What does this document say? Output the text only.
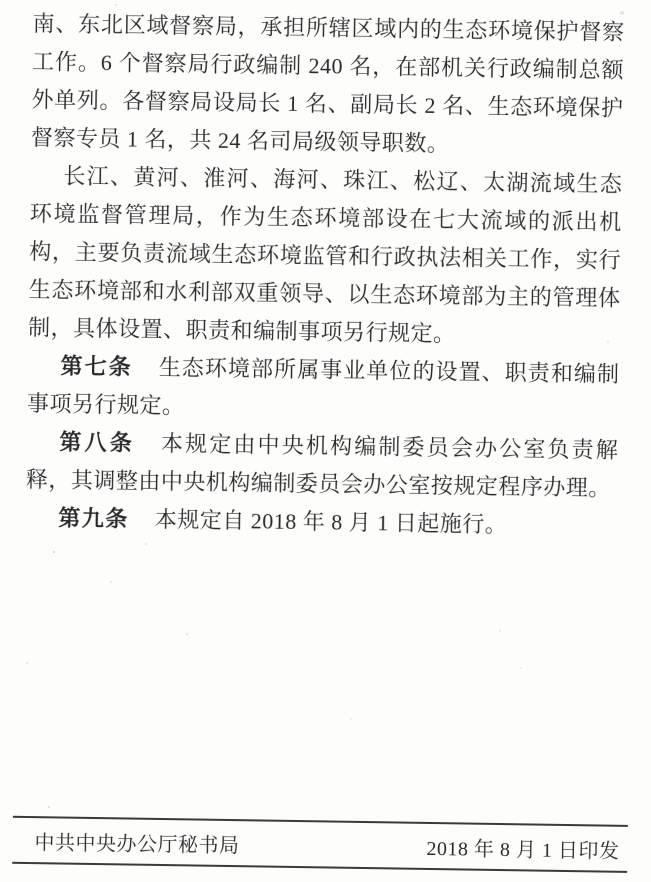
南、东北区域督察局，承担所辖区域内的生态环境保护督察工作。6 个督察局行政编制 240 名，在部机关行政编制总额外单列。各督察局设局长 1 名、副局长 2 名、生态环境保护督察专员 1 名，共 24 名司局级领导职数。

长江、黄河、淮河、海河、珠江、松辽、太湖流域生态环境监督管理局，作为生态环境部设在七大流域的派出机构，主要负责流域生态环境监管和行政执法相关工作，实行生态环境部和水利部双重领导、以生态环境部为主的管理体制，具体设置、职责和编制事项另行规定。

第七条 生态环境部所属事业单位的设置、职责和编制事项另行规定。

第八条 本规定由中央机构编制委员会办公室负责解释，其调整由中央机构编制委员会办公室按规定程序办理。

第九条 本规定自 2018 年 8 月 1 日起施行。

中共中央办公厅秘书局	2018 年 8 月 1 日印发
